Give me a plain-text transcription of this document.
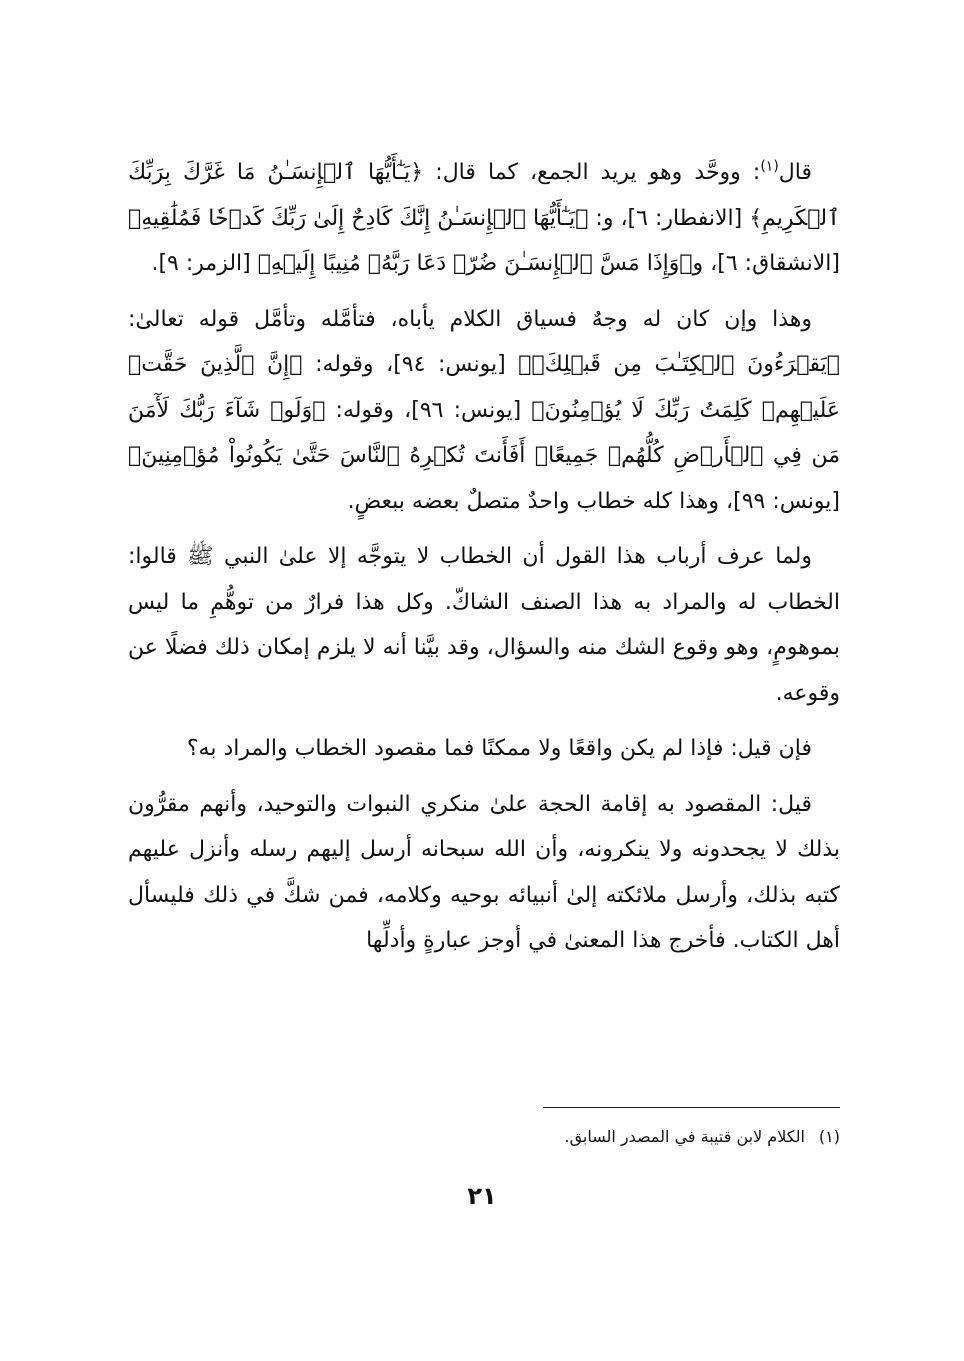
قال$^{(١)}$: ووحَّد وهو يريد الجمع، كما قال: ﴿يَـٰٓأَيُّهَا ٱلۡإِنسَـٰنُ مَا غَرَّكَ بِرَبِّكَ ٱلۡكَرِيمِ﴾ [الانفطار: ٦]، و: ﴿يَـٰٓأَيُّهَا ٱلۡإِنسَـٰنُ إِنَّكَ كَادِحٌ إِلَىٰ رَبِّكَ كَدۡحٗا فَمُلَٰقِيهِ﴾ [الانشقاق: ٦]، و﴿وَإِذَا مَسَّ ٱلۡإِنسَـٰنَ ضُرّٞ دَعَا رَبَّهُۥ مُنِيبًا إِلَيۡهِ﴾ [الزمر: ٩].

وهذا وإن كان له وجهٌ فسياق الكلام يأباه، فتأمَّله وتأمَّل قوله تعالىٰ: ﴿يَقۡرَءُونَ ٱلۡكِتَـٰبَ مِن قَبۡلِكَۚ﴾ [يونس: ٩٤]، وقوله: ﴿إِنَّ ٱلَّذِينَ حَقَّتۡ عَلَيۡهِمۡ كَلِمَتُ رَبِّكَ لَا يُؤۡمِنُونَ﴾ [يونس: ٩٦]، وقوله: ﴿وَلَوۡ شَآءَ رَبُّكَ لَأٓمَنَ مَن فِي ٱلۡأَرۡضِ كُلُّهُمۡ جَمِيعًاۚ أَفَأَنتَ تُكۡرِهُ ٱلنَّاسَ حَتَّىٰ يَكُونُواْ مُؤۡمِنِينَ﴾ [يونس: ٩٩]، وهذا كله خطاب واحدٌ متصلٌ بعضه ببعضٍ.

ولما عرف أرباب هذا القول أن الخطاب لا يتوجَّه إلا علىٰ النبي ﷺ قالوا: الخطاب له والمراد به هذا الصنف الشاكّ. وكل هذا فرارٌ من توهُّمِ ما ليس بموهومٍ، وهو وقوع الشك منه والسؤال، وقد بيَّنا أنه لا يلزم إمكان ذلك فضلًا عن وقوعه.

فإن قيل: فإذا لم يكن واقعًا ولا ممكنًا فما مقصود الخطاب والمراد به؟

قيل: المقصود به إقامة الحجة علىٰ منكري النبوات والتوحيد، وأنهم مقرُّون بذلك لا يجحدونه ولا ينكرونه، وأن الله سبحانه أرسل إليهم رسله وأنزل عليهم كتبه بذلك، وأرسل ملائكته إلىٰ أنبيائه بوحيه وكلامه، فمن شكَّ في ذلك فليسأل أهل الكتاب. فأخرج هذا المعنىٰ في أوجز عبارةٍ وأدلِّها

(١)الكلام لابن قتيبة في المصدر السابق.
٢١
